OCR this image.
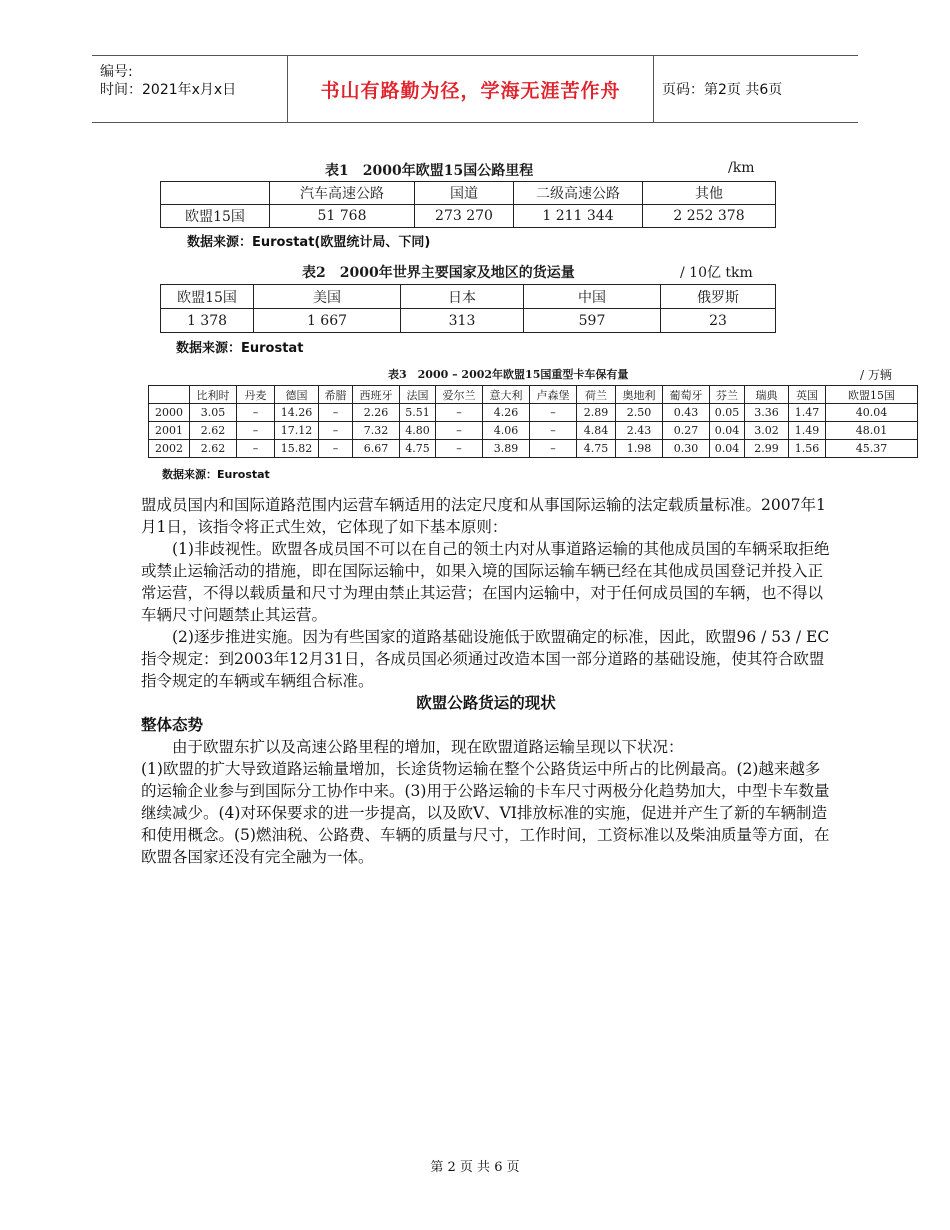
编号:
时间：2021年x月x日	书山有路勤为径，学海无涯苦作舟	页码：第2页 共6页
表1　2000年欧盟15国公路里程	/km
	汽车高速公路	国道	二级高速公路	其他
欧盟15国	51 768	273 270	1 211 344	2 252 378
数据来源：Eurostat(欧盟统计局、下同)
表2　2000年世界主要国家及地区的货运量	/ 10亿 tkm
欧盟15国	美国	日本	中国	俄罗斯
1 378	1 667	313	597	23
数据来源：Eurostat
表3　2000 – 2002年欧盟15国重型卡车保有量	/ 万辆
	比利时	丹麦	德国	希腊	西班牙	法国	爱尔兰	意大利	卢森堡	荷兰	奥地利	葡萄牙	芬兰	瑞典	英国	欧盟15国
2000	3.05	–	14.26	–	2.26	5.51	–	4.26	–	2.89	2.50	0.43	0.05	3.36	1.47	40.04
2001	2.62	–	17.12	–	7.32	4.80	–	4.06	–	4.84	2.43	0.27	0.04	3.02	1.49	48.01
2002	2.62	–	15.82	–	6.67	4.75	–	3.89	–	4.75	1.98	0.30	0.04	2.99	1.56	45.37
数据来源：Eurostat

盟成员国内和国际道路范围内运营车辆适用的法定尺度和从事国际运输的法定载质量标准。2007年1月1日，该指令将正式生效，它体现了如下基本原则：

(1)非歧视性。欧盟各成员国不可以在自己的领土内对从事道路运输的其他成员国的车辆采取拒绝或禁止运输活动的措施，即在国际运输中，如果入境的国际运输车辆已经在其他成员国登记并投入正常运营，不得以载质量和尺寸为理由禁止其运营；在国内运输中，对于任何成员国的车辆，也不得以车辆尺寸问题禁止其运营。

(2)逐步推进实施。因为有些国家的道路基础设施低于欧盟确定的标准，因此，欧盟96 / 53 / EC指令规定：到2003年12月31日，各成员国必须通过改造本国一部分道路的基础设施，使其符合欧盟指令规定的车辆或车辆组合标准。

欧盟公路货运的现状

整体态势

由于欧盟东扩以及高速公路里程的增加，现在欧盟道路运输呈现以下状况：

(1)欧盟的扩大导致道路运输量增加，长途货物运输在整个公路货运中所占的比例最高。(2)越来越多的运输企业参与到国际分工协作中来。(3)用于公路运输的卡车尺寸两极分化趋势加大，中型卡车数量继续减少。(4)对环保要求的进一步提高，以及欧V、VI排放标准的实施，促进并产生了新的车辆制造和使用概念。(5)燃油税、公路费、车辆的质量与尺寸，工作时间，工资标准以及柴油质量等方面，在欧盟各国家还没有完全融为一体。

第 2 页 共 6 页
